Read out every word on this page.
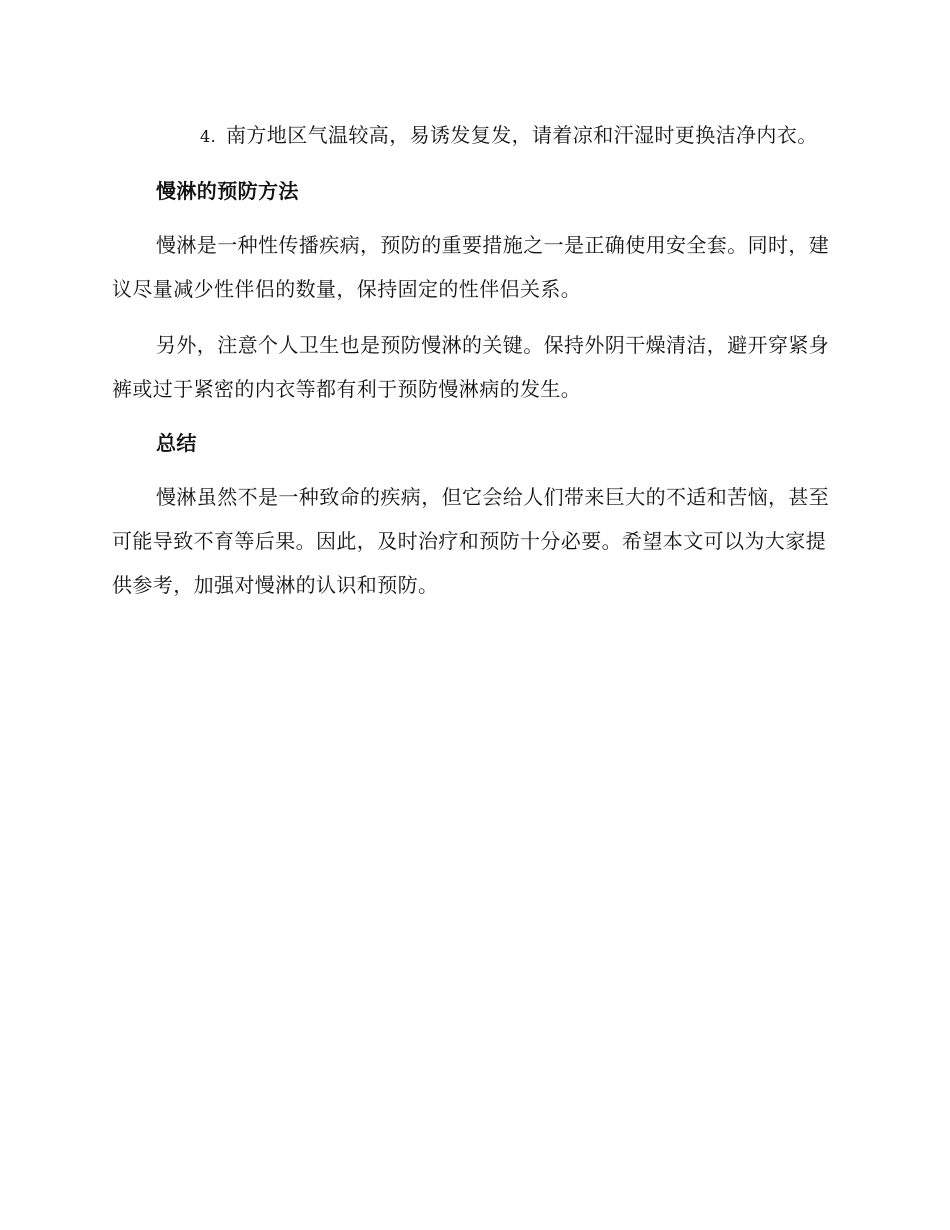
4. 南方地区气温较高，易诱发复发，请着凉和汗湿时更换洁净内衣。

慢淋的预防方法

慢淋是一种性传播疾病，预防的重要措施之一是正确使用安全套。同时，建议尽量减少性伴侣的数量，保持固定的性伴侣关系。

另外，注意个人卫生也是预防慢淋的关键。保持外阴干燥清洁，避开穿紧身裤或过于紧密的内衣等都有利于预防慢淋病的发生。

总结

慢淋虽然不是一种致命的疾病，但它会给人们带来巨大的不适和苦恼，甚至可能导致不育等后果。因此，及时治疗和预防十分必要。希望本文可以为大家提供参考，加强对慢淋的认识和预防。
